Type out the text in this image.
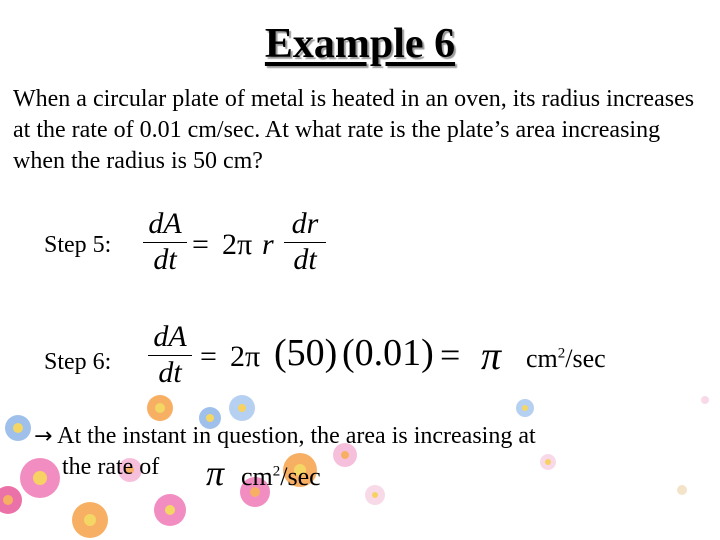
Example 6
When a circular plate of metal is heated in an oven, its radius increases at the rate of 0.01 cm/sec. At what rate is the plate’s area increasing when the radius is 50 cm?
Step 5:
dA
dt = 2π r
dr
dt
Step 6:
dA
dt = 2π (50) (0.01) = π $cm^2/\sec$
→ At the instant in question, the area is increasing at
the rate of	π $cm^2/\sec$
